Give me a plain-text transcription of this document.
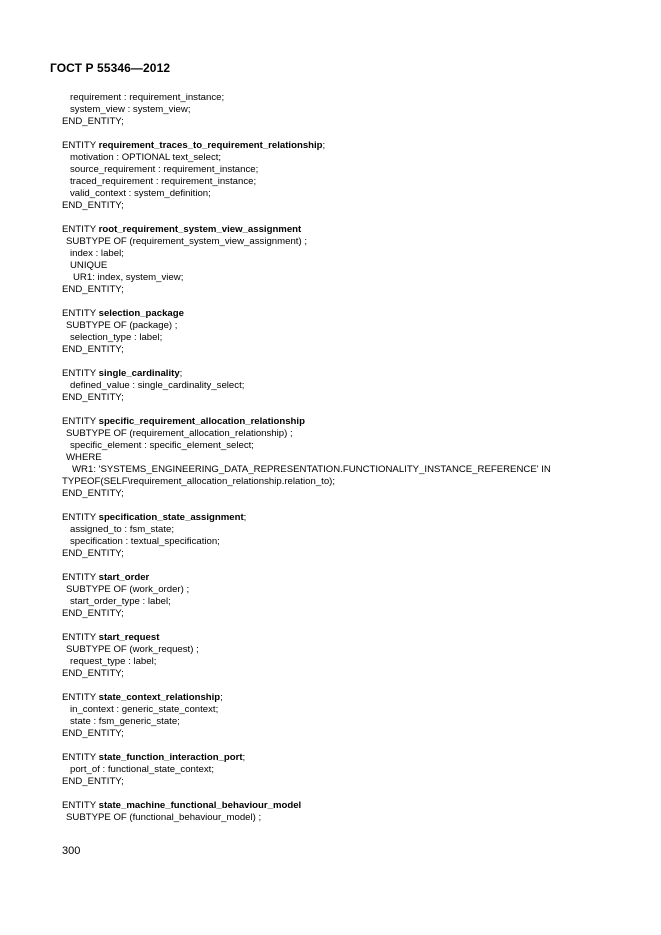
ГОСТ Р 55346—2012
requirement : requirement_instance;
system_view : system_view;
END_ENTITY;
ENTITY requirement_traces_to_requirement_relationship;
motivation : OPTIONAL text_select;
source_requirement : requirement_instance;
traced_requirement : requirement_instance;
valid_context : system_definition;
END_ENTITY;
ENTITY root_requirement_system_view_assignment
SUBTYPE OF (requirement_system_view_assignment) ;
index : label;
UNIQUE
UR1: index, system_view;
END_ENTITY;
ENTITY selection_package
SUBTYPE OF (package) ;
selection_type : label;
END_ENTITY;
ENTITY single_cardinality;
defined_value : single_cardinality_select;
END_ENTITY;
ENTITY specific_requirement_allocation_relationship
SUBTYPE OF (requirement_allocation_relationship) ;
specific_element : specific_element_select;
WHERE
WR1: 'SYSTEMS_ENGINEERING_DATA_REPRESENTATION.FUNCTIONALITY_INSTANCE_REFERENCE' IN
TYPEOF(SELF\requirement_allocation_relationship.relation_to);
END_ENTITY;
ENTITY specification_state_assignment;
assigned_to : fsm_state;
specification : textual_specification;
END_ENTITY;
ENTITY start_order
SUBTYPE OF (work_order) ;
start_order_type : label;
END_ENTITY;
ENTITY start_request
SUBTYPE OF (work_request) ;
request_type : label;
END_ENTITY;
ENTITY state_context_relationship;
in_context : generic_state_context;
state : fsm_generic_state;
END_ENTITY;
ENTITY state_function_interaction_port;
port_of : functional_state_context;
END_ENTITY;
ENTITY state_machine_functional_behaviour_model
SUBTYPE OF (functional_behaviour_model) ;
300
